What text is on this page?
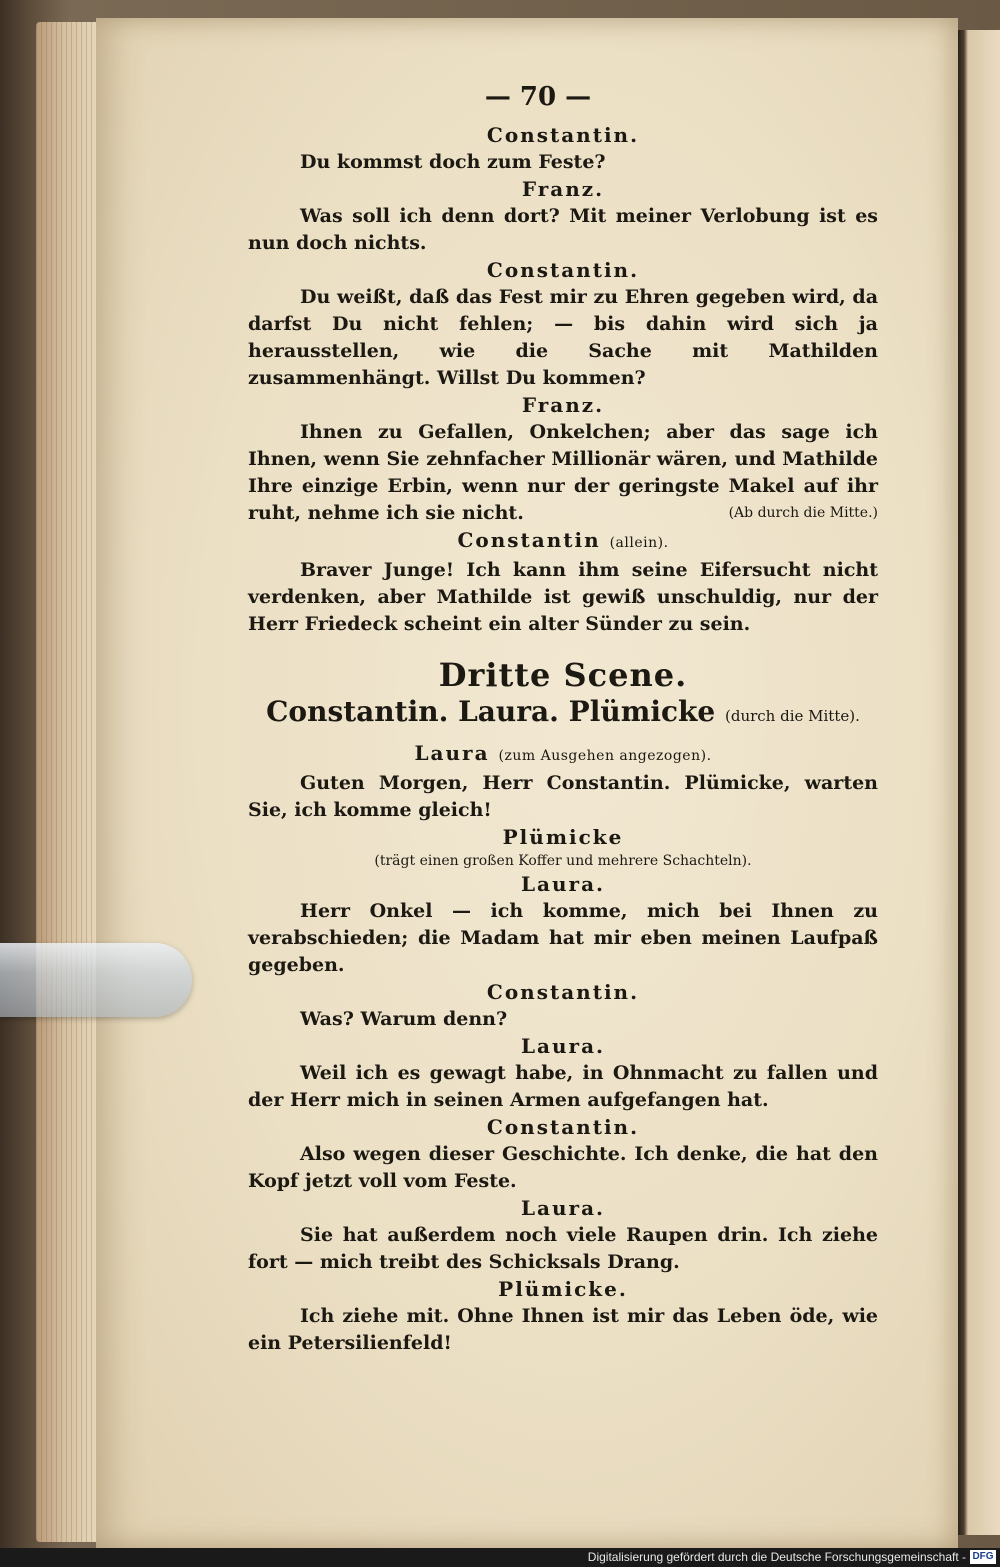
— 70 —
Constantin.

Du kommst doch zum Feste?

Franz.

Was soll ich denn dort? Mit meiner Verlobung ist es nun doch nichts.

Constantin.

Du weißt, daß das Fest mir zu Ehren gegeben wird, da darfst Du nicht fehlen; — bis dahin wird sich ja herausstellen, wie die Sache mit Mathilden zusammenhängt. Willst Du kommen?

Franz.

Ihnen zu Gefallen, Onkelchen; aber das sage ich Ihnen, wenn Sie zehnfacher Millionär wären, und Mathilde Ihre einzige Erbin, wenn nur der geringste Makel auf ihr ruht, nehme ich sie nicht.	(Ab durch die Mitte.)

Constantin (allein).

Braver Junge! Ich kann ihm seine Eifersucht nicht verdenken, aber Mathilde ist gewiß unschuldig, nur der Herr Friedeck scheint ein alter Sünder zu sein.

Dritte Scene.
Constantin. Laura. Plümicke (durch die Mitte).
Laura (zum Ausgehen angezogen).

Guten Morgen, Herr Constantin. Plümicke, warten Sie, ich komme gleich!

Plümicke
(trägt einen großen Koffer und mehrere Schachteln).
Laura.

Herr Onkel — ich komme, mich bei Ihnen zu verabschieden; die Madam hat mir eben meinen Laufpaß gegeben.

Constantin.

Was? Warum denn?

Laura.

Weil ich es gewagt habe, in Ohnmacht zu fallen und der Herr mich in seinen Armen aufgefangen hat.

Constantin.

Also wegen dieser Geschichte. Ich denke, die hat den Kopf jetzt voll vom Feste.

Laura.

Sie hat außerdem noch viele Raupen drin. Ich ziehe fort — mich treibt des Schicksals Drang.

Plümicke.

Ich ziehe mit. Ohne Ihnen ist mir das Leben öde, wie ein Petersilienfeld!

Digitalisierung gefördert durch die Deutsche Forschungsgemeinschaft - DFG
